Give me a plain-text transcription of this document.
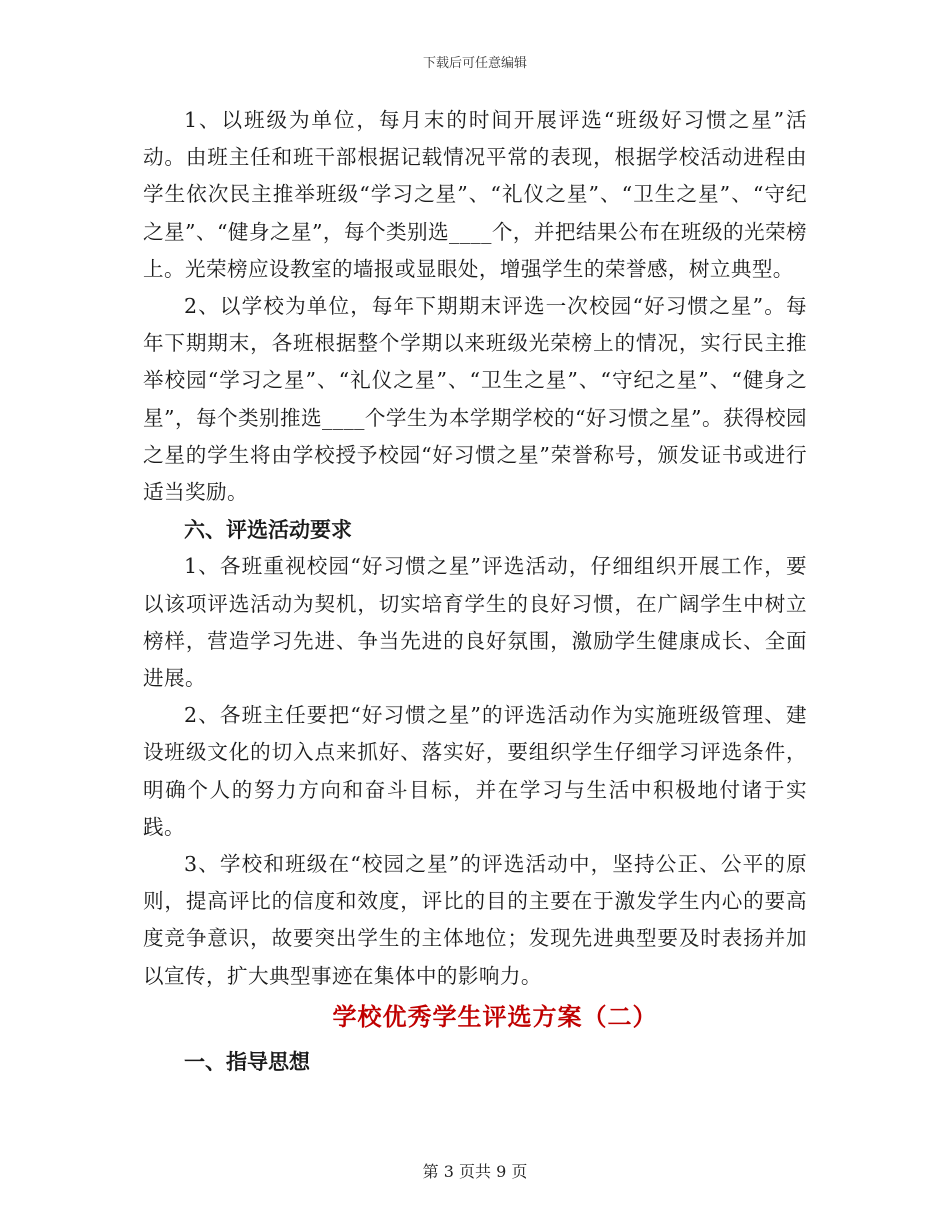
下载后可任意编辑

1、以班级为单位，每月末的时间开展评选“班级好习惯之星”活动。由班主任和班干部根据记载情况平常的表现，根据学校活动进程由学生依次民主推举班级“学习之星”、“礼仪之星”、“卫生之星”、“守纪之星”、“健身之星”，每个类别选____个，并把结果公布在班级的光荣榜上。光荣榜应设教室的墙报或显眼处，增强学生的荣誉感，树立典型。

2、以学校为单位，每年下期期末评选一次校园“好习惯之星”。每年下期期末，各班根据整个学期以来班级光荣榜上的情况，实行民主推举校园“学习之星”、“礼仪之星”、“卫生之星”、“守纪之星”、“健身之星”，每个类别推选____个学生为本学期学校的“好习惯之星”。获得校园之星的学生将由学校授予校园“好习惯之星”荣誉称号，颁发证书或进行适当奖励。

六、评选活动要求

1、各班重视校园“好习惯之星”评选活动，仔细组织开展工作，要以该项评选活动为契机，切实培育学生的良好习惯，在广阔学生中树立榜样，营造学习先进、争当先进的良好氛围，激励学生健康成长、全面进展。

2、各班主任要把“好习惯之星”的评选活动作为实施班级管理、建设班级文化的切入点来抓好、落实好，要组织学生仔细学习评选条件，明确个人的努力方向和奋斗目标，并在学习与生活中积极地付诸于实践。

3、学校和班级在“校园之星”的评选活动中，坚持公正、公平的原则，提高评比的信度和效度，评比的目的主要在于激发学生内心的要高度竞争意识，故要突出学生的主体地位；发现先进典型要及时表扬并加以宣传，扩大典型事迹在集体中的影响力。

学校优秀学生评选方案（二）
一、指导思想
第 3 页共 9 页
